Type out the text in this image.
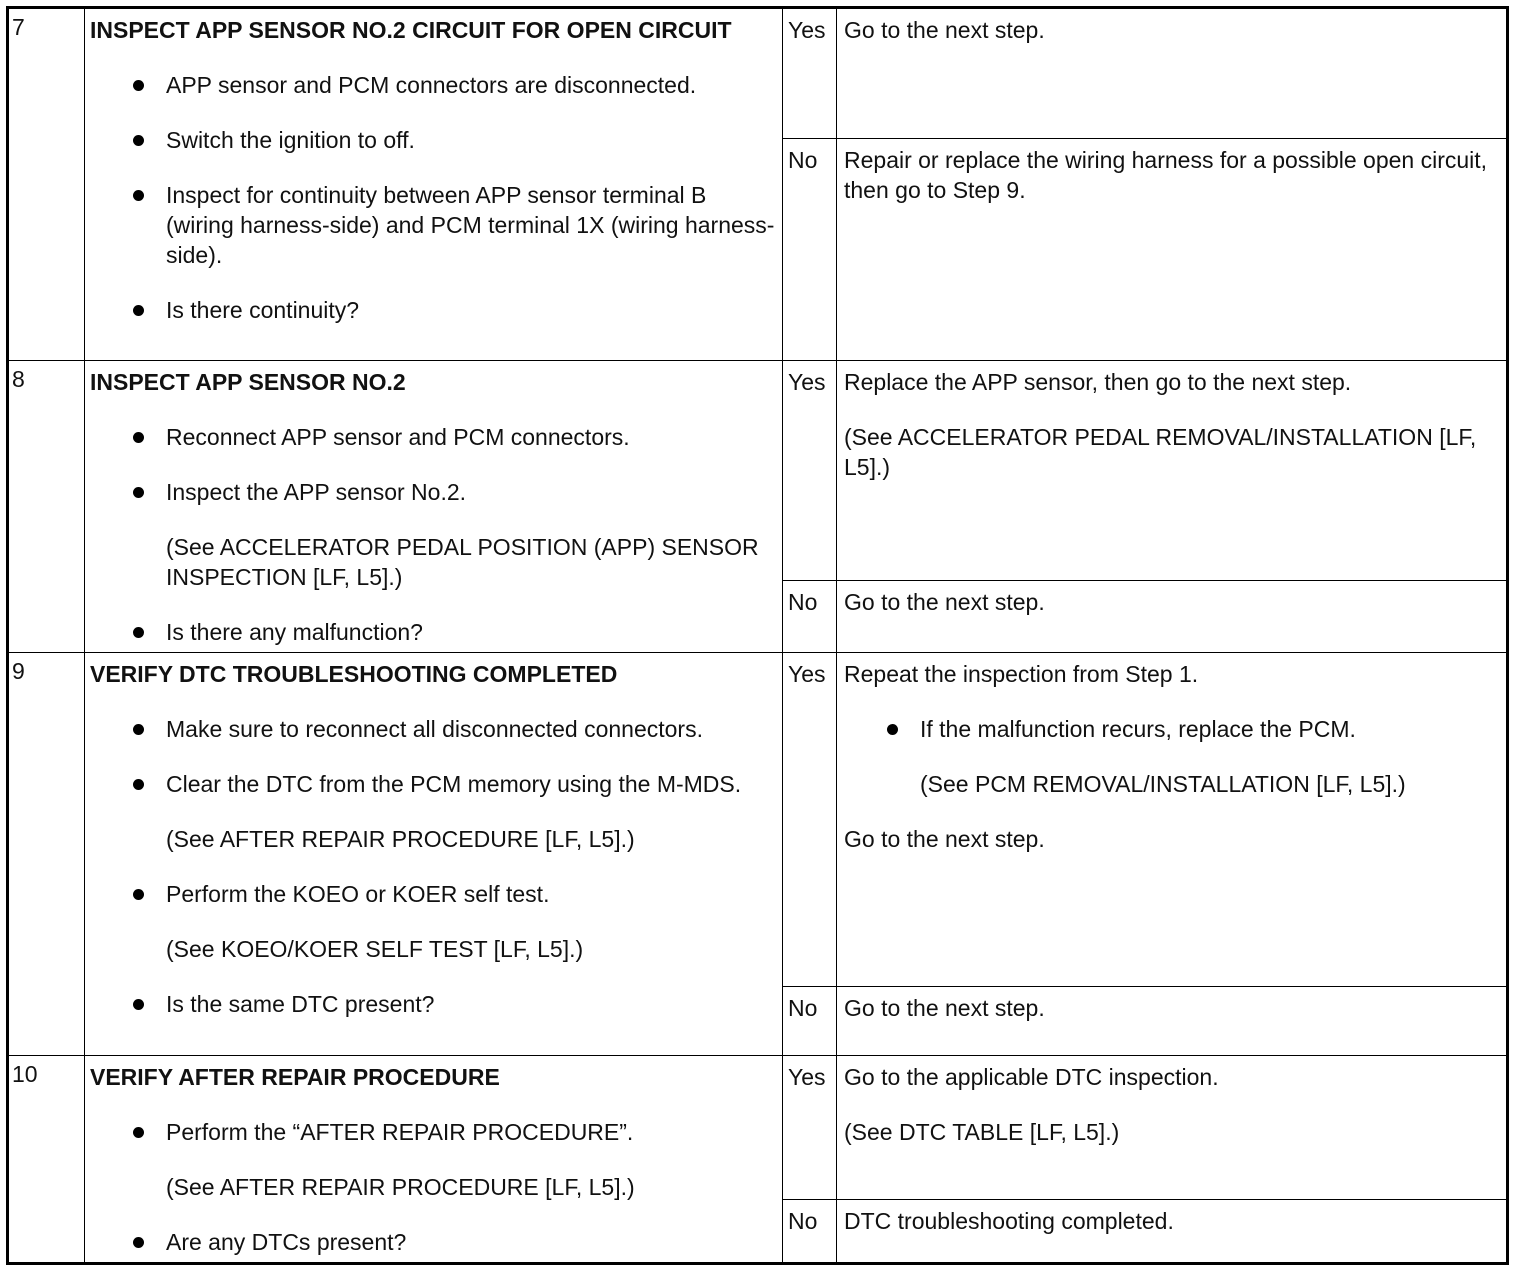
7	INSPECT APP SENSOR NO.2 CIRCUIT FOR OPEN CIRCUIT

APP sensor and PCM connectors are disconnected.
Switch the ignition to off.
Inspect for continuity between APP sensor terminal B (wiring harness-side) and PCM terminal 1X (wiring harness-side).
Is there continuity?
Yes Go to the next step.

No	Repair or replace the wiring harness for a possible open circuit, then go to Step 9.

8	INSPECT APP SENSOR NO.2

Reconnect APP sensor and PCM connectors.
Inspect the APP sensor No.2.
(See ACCELERATOR PEDAL POSITION (APP) SENSOR INSPECTION [LF, L5].)
Is there any malfunction?
Yes Replace the APP sensor, then go to the next step.

(See ACCELERATOR PEDAL REMOVAL/INSTALLATION [LF, L5].)

No	Go to the next step.

9	VERIFY DTC TROUBLESHOOTING COMPLETED

Make sure to reconnect all disconnected connectors.
Clear the DTC from the PCM memory using the M-MDS.
(See AFTER REPAIR PROCEDURE [LF, L5].)
Perform the KOEO or KOER self test.
(See KOEO/KOER SELF TEST [LF, L5].)
Is the same DTC present?
Yes Repeat the inspection from Step 1.

If the malfunction recurs, replace the PCM.
(See PCM REMOVAL/INSTALLATION [LF, L5].)

Go to the next step.

No	Go to the next step.

10	VERIFY AFTER REPAIR PROCEDURE

Perform the “AFTER REPAIR PROCEDURE”.
(See AFTER REPAIR PROCEDURE [LF, L5].)
Are any DTCs present?
Yes Go to the applicable DTC inspection.

(See DTC TABLE [LF, L5].)

No	DTC troubleshooting completed.
